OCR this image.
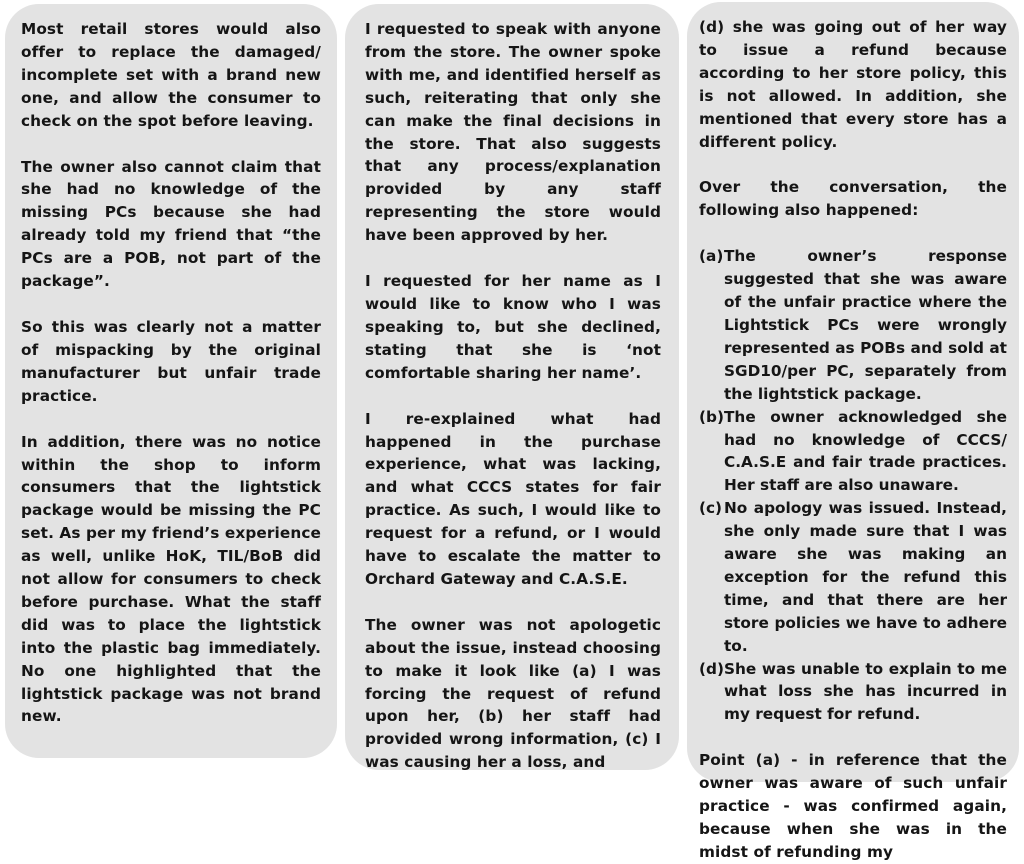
Most retail stores would also offer to replace the damaged/ incomplete set with a brand new one, and allow the consumer to check on the spot before leaving.

The owner also cannot claim that she had no knowledge of the missing PCs because she had already told my friend that “the PCs are a POB, not part of the package”.

So this was clearly not a matter of mispacking by the original manufacturer but unfair trade practice.

In addition, there was no notice within the shop to inform consumers that the lightstick package would be missing the PC set. As per my friend’s experience as well, unlike HoK, TIL/BoB did not allow for consumers to check before purchase. What the staff did was to place the lightstick into the plastic bag immediately. No one highlighted that the lightstick package was not brand new.

I requested to speak with anyone from the store. The owner spoke with me, and identified herself as such, reiterating that only she can make the final decisions in the store. That also suggests that any process/explanation provided by any staff representing the store would have been approved by her.

I requested for her name as I would like to know who I was speaking to, but she declined, stating that she is ‘not comfortable sharing her name’.

I re-explained what had happened in the purchase experience, what was lacking, and what CCCS states for fair practice. As such, I would like to request for a refund, or I would have to escalate the matter to Orchard Gateway and C.A.S.E.

The owner was not apologetic about the issue, instead choosing to make it look like (a) I was forcing the request of refund upon her, (b) her staff had provided wrong information, (c) I was causing her a loss, and

(d) she was going out of her way to issue a refund because according to her store policy, this is not allowed. In addition, she mentioned that every store has a different policy.

Over the conversation, the following also happened:

(a) The owner’s response suggested that she was aware of the unfair practice where the Lightstick PCs were wrongly represented as POBs and sold at SGD10/per PC, separately from the lightstick package.
(b) The owner acknowledged she had no knowledge of CCCS/ C.A.S.E and fair trade practices. Her staff are also unaware.
(c) No apology was issued. Instead, she only made sure that I was aware she was making an exception for the refund this time, and that there are her store policies we have to adhere to.
(d) She was unable to explain to me what loss she has incurred in my request for refund.

Point (a) - in reference that the owner was aware of such unfair practice - was confirmed again, because when she was in the midst of refunding my
